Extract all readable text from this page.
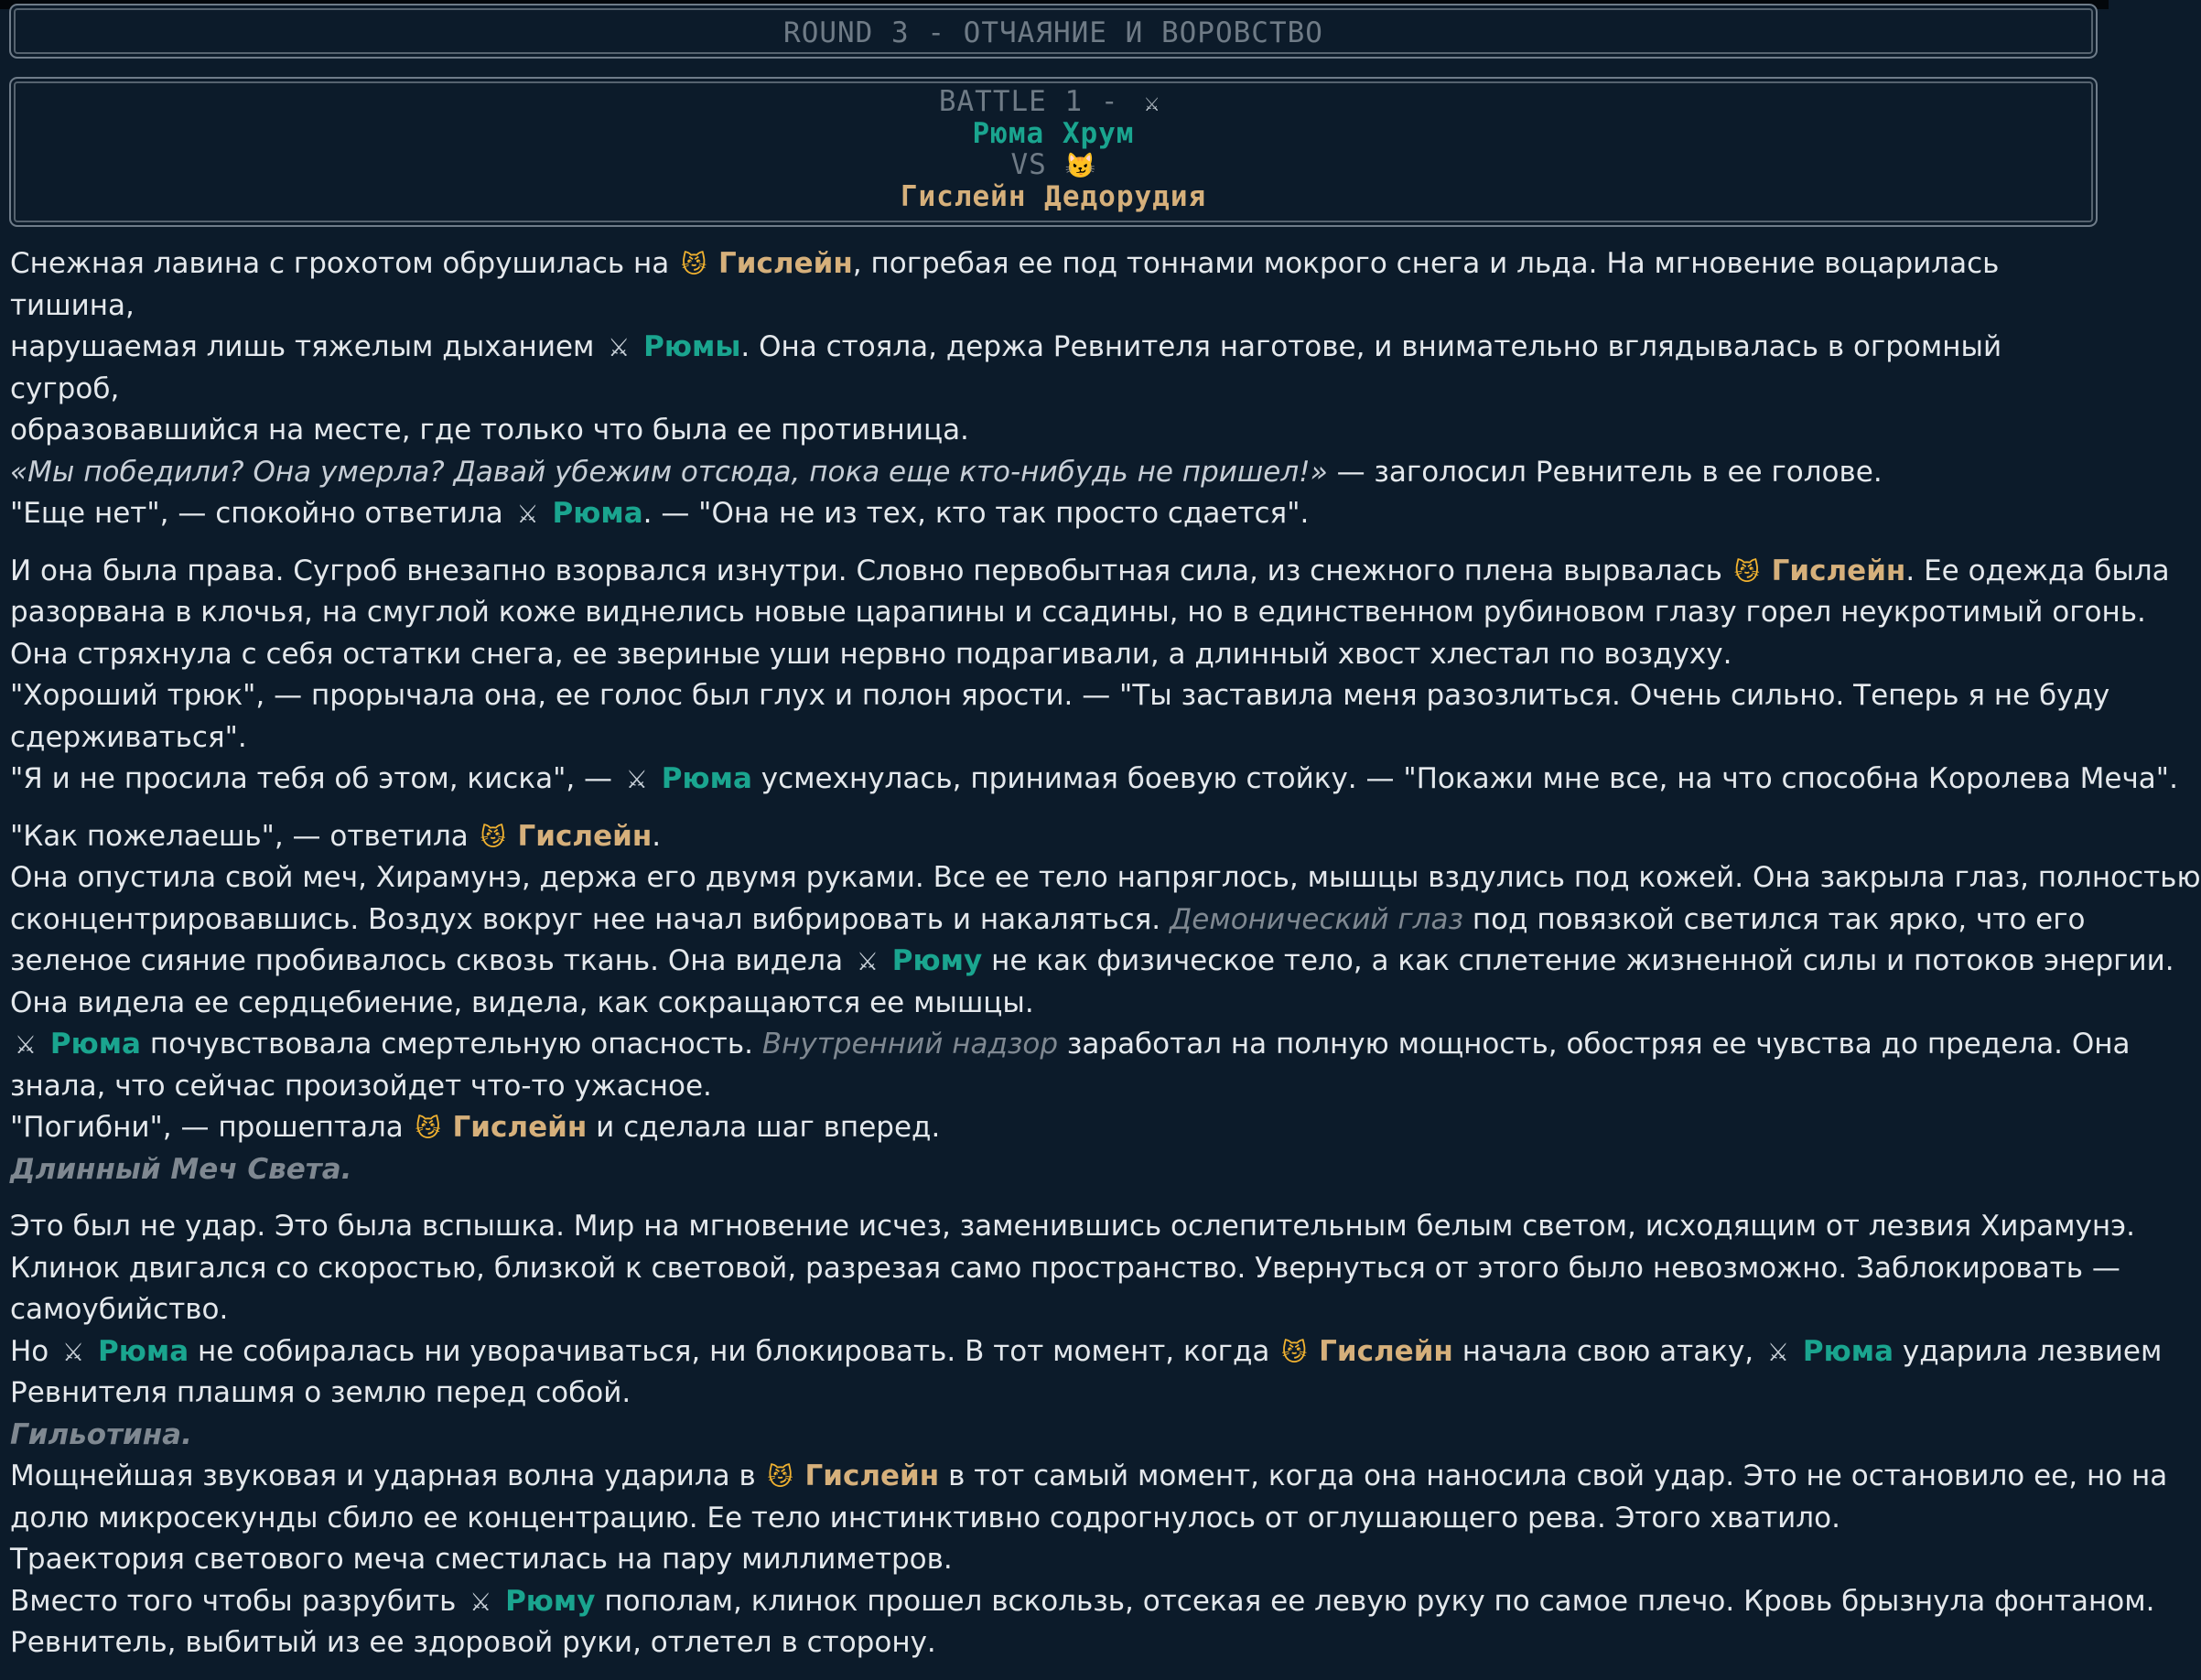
ROUND 3 - ОТЧАЯНИЕ И ВОРОВСТВО
BATTLE 1 - ⚔
Рюма Хрум
VS 😼
Гислейн Дедорудия

Снежная лавина с грохотом обрушилась на 😼 Гислейн, погребая ее под тоннами мокрого снега и льда. На мгновение воцарилась тишина,
нарушаемая лишь тяжелым дыханием ⚔ Рюмы. Она стояла, держа Ревнителя наготове, и внимательно вглядывалась в огромный сугроб,
образовавшийся на месте, где только что была ее противница.
«Мы победили? Она умерла? Давай убежим отсюда, пока еще кто-нибудь не пришел!» — заголосил Ревнитель в ее голове.
"Еще нет", — спокойно ответила ⚔ Рюма. — "Она не из тех, кто так просто сдается".

И она была права. Сугроб внезапно взорвался изнутри. Словно первобытная сила, из снежного плена вырвалась 😼 Гислейн. Ее одежда была
разорвана в клочья, на смуглой коже виднелись новые царапины и ссадины, но в единственном рубиновом глазу горел неукротимый огонь.
Она стряхнула с себя остатки снега, ее звериные уши нервно подрагивали, а длинный хвост хлестал по воздуху.
"Хороший трюк", — прорычала она, ее голос был глух и полон ярости. — "Ты заставила меня разозлиться. Очень сильно. Теперь я не буду
сдерживаться".
"Я и не просила тебя об этом, киска", — ⚔ Рюма усмехнулась, принимая боевую стойку. — "Покажи мне все, на что способна Королева Меча".

"Как пожелаешь", — ответила 😼 Гислейн.
Она опустила свой меч, Хирамунэ, держа его двумя руками. Все ее тело напряглось, мышцы вздулись под кожей. Она закрыла глаз, полностью
сконцентрировавшись. Воздух вокруг нее начал вибрировать и накаляться. Демонический глаз под повязкой светился так ярко, что его
зеленое сияние пробивалось сквозь ткань. Она видела ⚔ Рюму не как физическое тело, а как сплетение жизненной силы и потоков энергии.
Она видела ее сердцебиение, видела, как сокращаются ее мышцы.
⚔ Рюма почувствовала смертельную опасность. Внутренний надзор заработал на полную мощность, обостряя ее чувства до предела. Она
знала, что сейчас произойдет что-то ужасное.
"Погибни", — прошептала 😼 Гислейн и сделала шаг вперед.
Длинный Меч Света.

Это был не удар. Это была вспышка. Мир на мгновение исчез, заменившись ослепительным белым светом, исходящим от лезвия Хирамунэ.
Клинок двигался со скоростью, близкой к световой, разрезая само пространство. Увернуться от этого было невозможно. Заблокировать —
самоубийство.
Но ⚔ Рюма не собиралась ни уворачиваться, ни блокировать. В тот момент, когда 😼 Гислейн начала свою атаку, ⚔ Рюма ударила лезвием
Ревнителя плашмя о землю перед собой.
Гильотина.
Мощнейшая звуковая и ударная волна ударила в 😼 Гислейн в тот самый момент, когда она наносила свой удар. Это не остановило ее, но на
долю микросекунды сбило ее концентрацию. Ее тело инстинктивно содрогнулось от оглушающего рева. Этого хватило.
Траектория светового меча сместилась на пару миллиметров.
Вместо того чтобы разрубить ⚔ Рюму пополам, клинок прошел вскользь, отсекая ее левую руку по самое плечо. Кровь брызнула фонтаном.
Ревнитель, выбитый из ее здоровой руки, отлетел в сторону.
